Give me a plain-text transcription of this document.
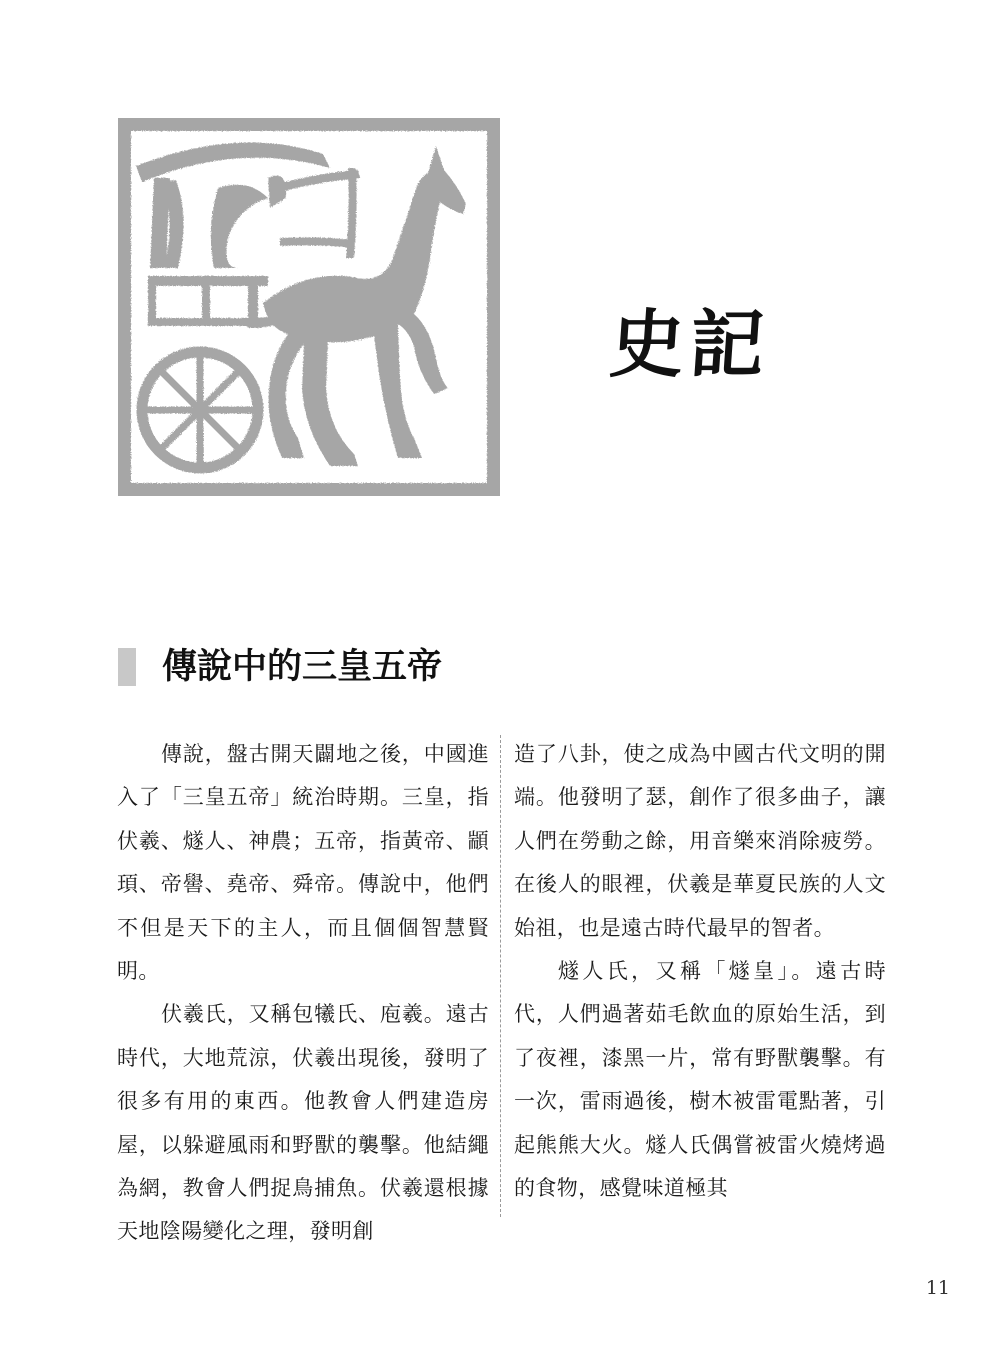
史記
傳說中的三皇五帝

傳說，盤古開天闢地之後，中國進入了「三皇五帝」統治時期。三皇，指伏羲、燧人、神農；五帝，指黃帝、顓頊、帝嚳、堯帝、舜帝。傳說中，他們不但是天下的主人，而且個個智慧賢明。

伏羲氏，又稱包犧氏、庖羲。遠古時代，大地荒涼，伏羲出現後，發明了很多有用的東西。他教會人們建造房屋，以躲避風雨和野獸的襲擊。他結繩為網，教會人們捉鳥捕魚。伏羲還根據天地陰陽變化之理，發明創

造了八卦，使之成為中國古代文明的開端。他發明了瑟，創作了很多曲子，讓人們在勞動之餘，用音樂來消除疲勞。在後人的眼裡，伏羲是華夏民族的人文始祖，也是遠古時代最早的智者。

燧人氏，又稱「燧皇」。遠古時代，人們過著茹毛飲血的原始生活，到了夜裡，漆黑一片，常有野獸襲擊。有一次，雷雨過後，樹木被雷電點著，引起熊熊大火。燧人氏偶嘗被雷火燒烤過的食物，感覺味道極其

11
